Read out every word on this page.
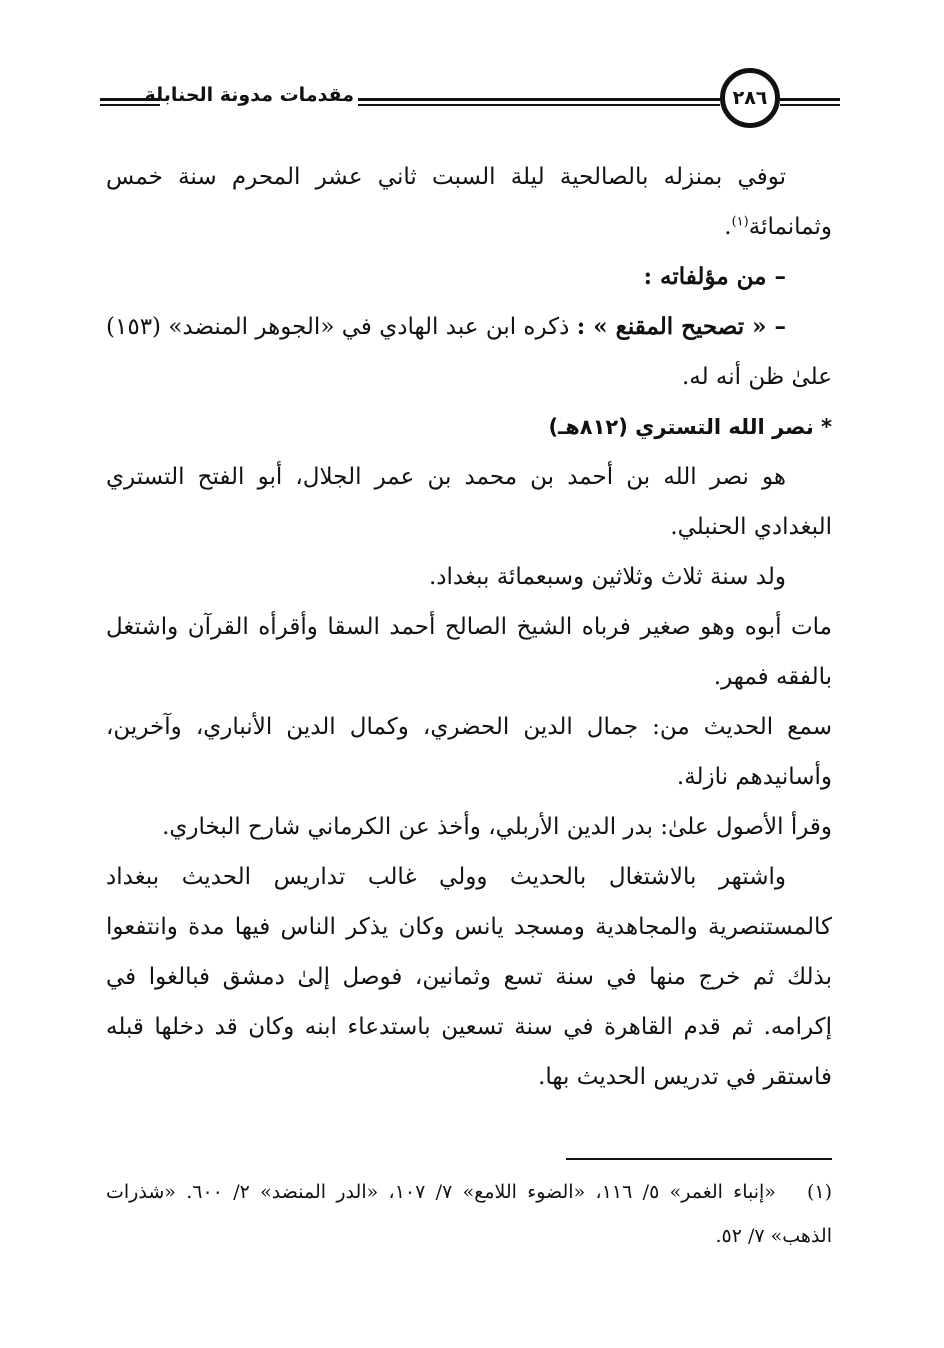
مقدمات مدونة الحنابلة	٢٨٦

توفي بمنزله بالصالحية ليلة السبت ثاني عشر المحرم سنة خمس وثمانمائة$^{(١)}$.

– من مؤلفاته :

– « تصحيح المقنع » : ذكره ابن عبد الهادي في «الجوهر المنضد» (١٥٣) علىٰ ظن أنه له.

* نصر الله التستري (٨١٢هـ)

هو نصر الله بن أحمد بن محمد بن عمر الجلال، أبو الفتح التستري البغدادي الحنبلي.

ولد سنة ثلاث وثلاثين وسبعمائة ببغداد.

مات أبوه وهو صغير فرباه الشيخ الصالح أحمد السقا وأقرأه القرآن واشتغل بالفقه فمهر.

سمع الحديث من: جمال الدين الحضري، وكمال الدين الأنباري، وآخرين، وأسانيدهم نازلة.

وقرأ الأصول علىٰ: بدر الدين الأربلي، وأخذ عن الكرماني شارح البخاري.

واشتهر بالاشتغال بالحديث وولي غالب تداريس الحديث ببغداد كالمستنصرية والمجاهدية ومسجد يانس وكان يذكر الناس فيها مدة وانتفعوا بذلك ثم خرج منها في سنة تسع وثمانين، فوصل إلىٰ دمشق فبالغوا في إكرامه. ثم قدم القاهرة في سنة تسعين باستدعاء ابنه وكان قد دخلها قبله فاستقر في تدريس الحديث بها.

(١)   «إنباء الغمر» ٥/ ١١٦، «الضوء اللامع» ٧/ ١٠٧، «الدر المنضد» ٢/ ٦٠٠. «شذرات الذهب» ٧/ ٥٢.
